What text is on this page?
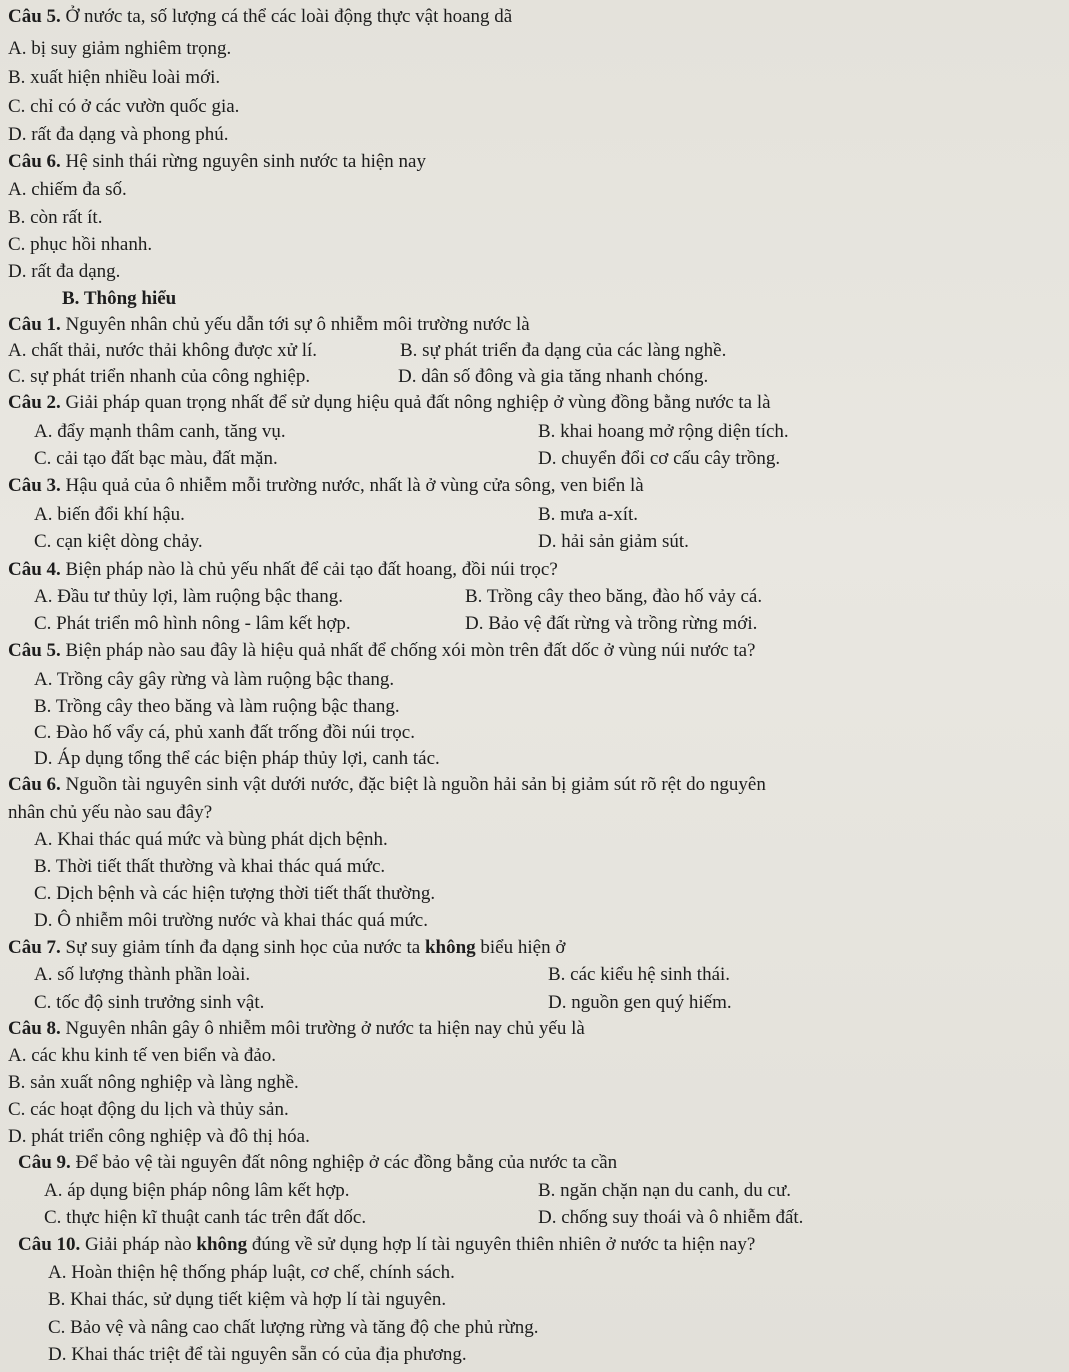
Câu 5. Ở nước ta, số lượng cá thể các loài động thực vật hoang dã
A. bị suy giảm nghiêm trọng.
B. xuất hiện nhiều loài mới.
C. chỉ có ở các vườn quốc gia.
D. rất đa dạng và phong phú.
Câu 6. Hệ sinh thái rừng nguyên sinh nước ta hiện nay
A. chiếm đa số.
B. còn rất ít.
C. phục hồi nhanh.
D. rất đa dạng.
B. Thông hiểu
Câu 1. Nguyên nhân chủ yếu dẫn tới sự ô nhiễm môi trường nước là
A. chất thải, nước thải không được xử lí.	B. sự phát triển đa dạng của các làng nghề.
C. sự phát triển nhanh của công nghiệp.	D. dân số đông và gia tăng nhanh chóng.
Câu 2. Giải pháp quan trọng nhất để sử dụng hiệu quả đất nông nghiệp ở vùng đồng bằng nước ta là
A. đẩy mạnh thâm canh, tăng vụ.	B. khai hoang mở rộng diện tích.
C. cải tạo đất bạc màu, đất mặn.	D. chuyển đổi cơ cấu cây trồng.
Câu 3. Hậu quả của ô nhiễm mỗi trường nước, nhất là ở vùng cửa sông, ven biển là
A. biến đổi khí hậu.	B. mưa a-xít.
C. cạn kiệt dòng chảy.	D. hải sản giảm sút.
Câu 4. Biện pháp nào là chủ yếu nhất để cải tạo đất hoang, đồi núi trọc?
A. Đầu tư thủy lợi, làm ruộng bậc thang.	B. Trồng cây theo băng, đào hố vảy cá.
C. Phát triển mô hình nông - lâm kết hợp.	D. Bảo vệ đất rừng và trồng rừng mới.
Câu 5. Biện pháp nào sau đây là hiệu quả nhất để chống xói mòn trên đất dốc ở vùng núi nước ta?
A. Trồng cây gây rừng và làm ruộng bậc thang.
B. Trồng cây theo băng và làm ruộng bậc thang.
C. Đào hố vẩy cá, phủ xanh đất trống đồi núi trọc.
D. Áp dụng tổng thể các biện pháp thủy lợi, canh tác.
Câu 6. Nguồn tài nguyên sinh vật dưới nước, đặc biệt là nguồn hải sản bị giảm sút rõ rệt do nguyên
nhân chủ yếu nào sau đây?
A. Khai thác quá mức và bùng phát dịch bệnh.
B. Thời tiết thất thường và khai thác quá mức.
C. Dịch bệnh và các hiện tượng thời tiết thất thường.
D. Ô nhiễm môi trường nước và khai thác quá mức.
Câu 7. Sự suy giảm tính đa dạng sinh học của nước ta không biểu hiện ở
A. số lượng thành phần loài.	B. các kiểu hệ sinh thái.
C. tốc độ sinh trưởng sinh vật.	D. nguồn gen quý hiếm.
Câu 8. Nguyên nhân gây ô nhiễm môi trường ở nước ta hiện nay chủ yếu là
A. các khu kinh tế ven biển và đảo.
B. sản xuất nông nghiệp và làng nghề.
C. các hoạt động du lịch và thủy sản.
D. phát triển công nghiệp và đô thị hóa.
Câu 9. Để bảo vệ tài nguyên đất nông nghiệp ở các đồng bằng của nước ta cần
A. áp dụng biện pháp nông lâm kết hợp.	B. ngăn chặn nạn du canh, du cư.
C. thực hiện kĩ thuật canh tác trên đất dốc.	D. chống suy thoái và ô nhiễm đất.
Câu 10. Giải pháp nào không đúng về sử dụng hợp lí tài nguyên thiên nhiên ở nước ta hiện nay?
A. Hoàn thiện hệ thống pháp luật, cơ chế, chính sách.
B. Khai thác, sử dụng tiết kiệm và hợp lí tài nguyên.
C. Bảo vệ và nâng cao chất lượng rừng và tăng độ che phủ rừng.
D. Khai thác triệt để tài nguyên sẵn có của địa phương.
